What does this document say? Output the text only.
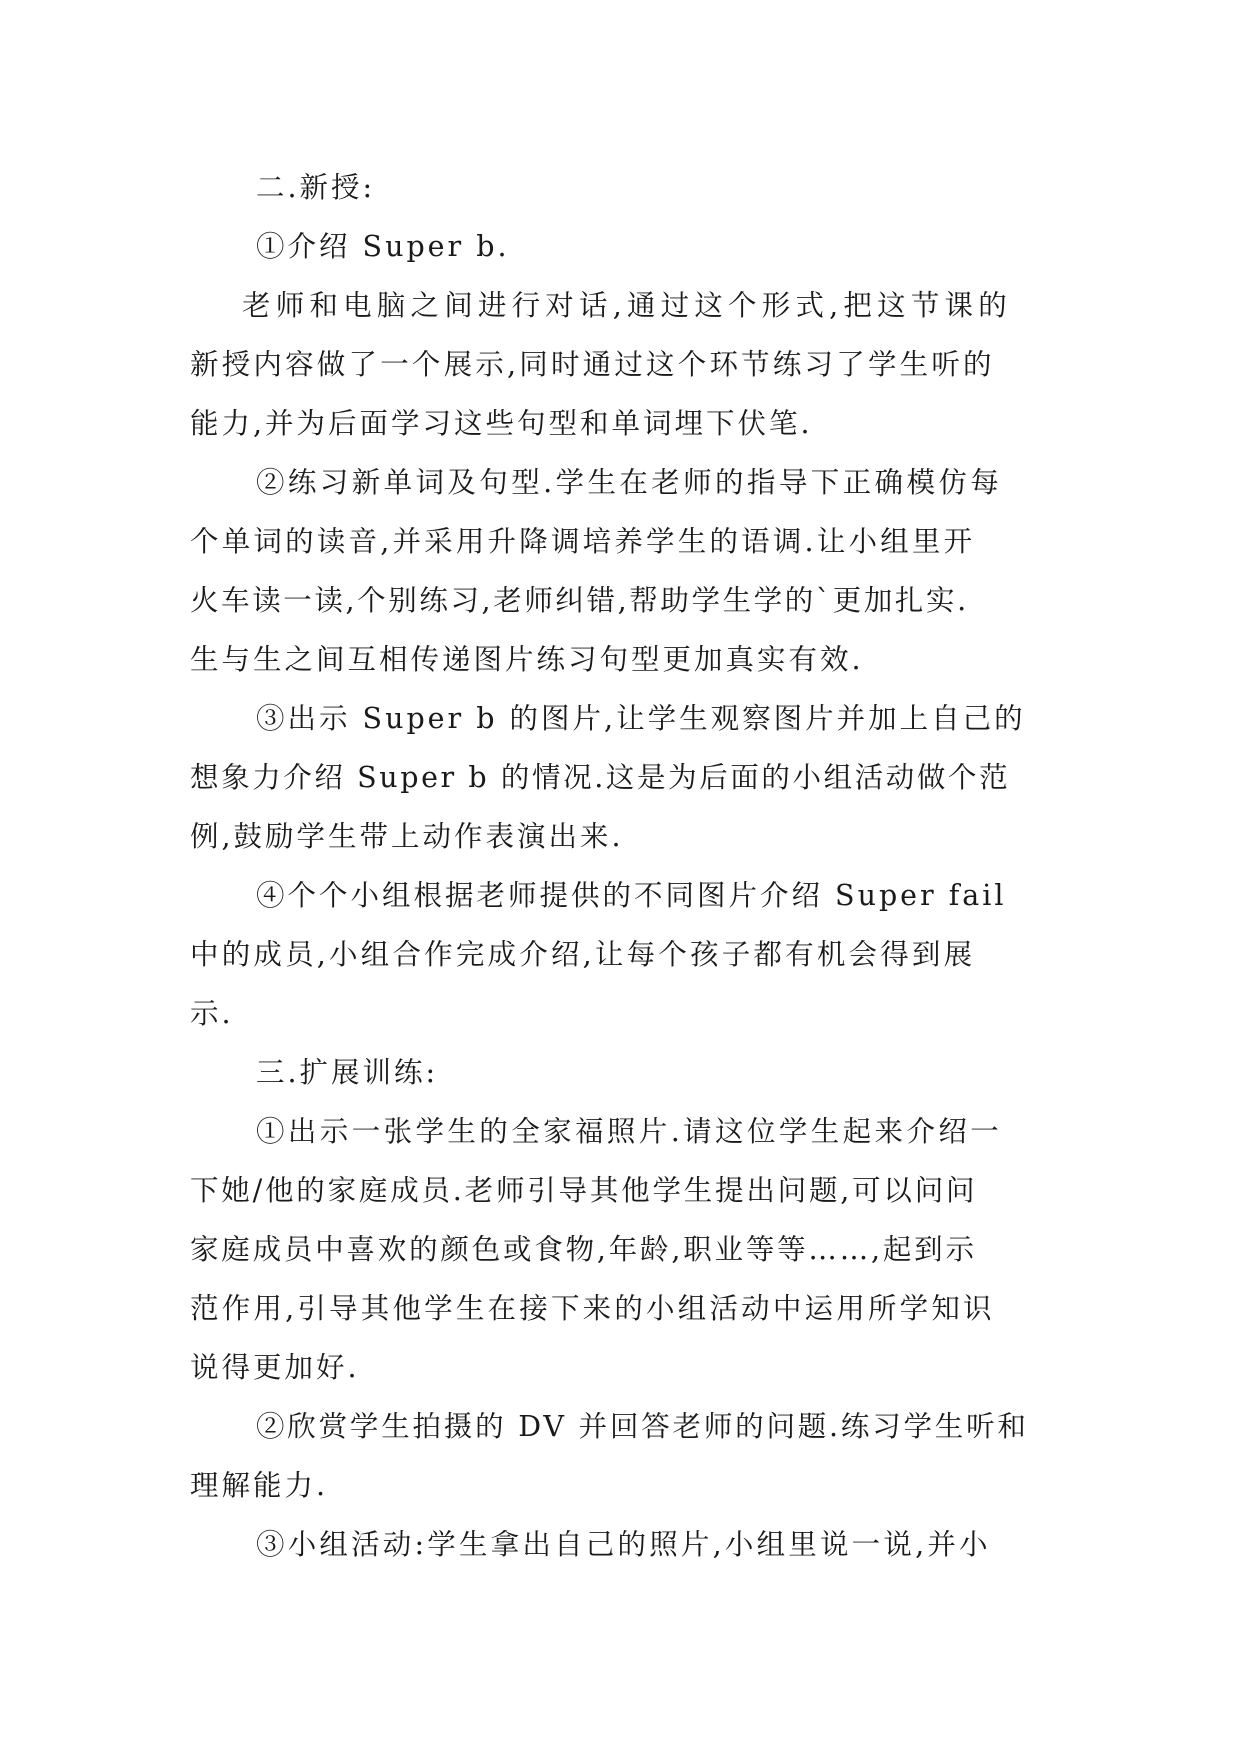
二.新授:
①介绍 Super b.
老师和电脑之间进行对话,通过这个形式,把这节课的
新授内容做了一个展示,同时通过这个环节练习了学生听的
能力,并为后面学习这些句型和单词埋下伏笔.
②练习新单词及句型.学生在老师的指导下正确模仿每
个单词的读音,并采用升降调培养学生的语调.让小组里开
火车读一读,个别练习,老师纠错,帮助学生学的`更加扎实.
生与生之间互相传递图片练习句型更加真实有效.
③出示 Super b 的图片,让学生观察图片并加上自己的
想象力介绍 Super b 的情况.这是为后面的小组活动做个范
例,鼓励学生带上动作表演出来.
④个个小组根据老师提供的不同图片介绍 Super fail
中的成员,小组合作完成介绍,让每个孩子都有机会得到展
示.
三.扩展训练:
①出示一张学生的全家福照片.请这位学生起来介绍一
下她/他的家庭成员.老师引导其他学生提出问题,可以问问
家庭成员中喜欢的颜色或食物,年龄,职业等等……,起到示
范作用,引导其他学生在接下来的小组活动中运用所学知识
说得更加好.
②欣赏学生拍摄的 DV 并回答老师的问题.练习学生听和
理解能力.
③小组活动:学生拿出自己的照片,小组里说一说,并小
